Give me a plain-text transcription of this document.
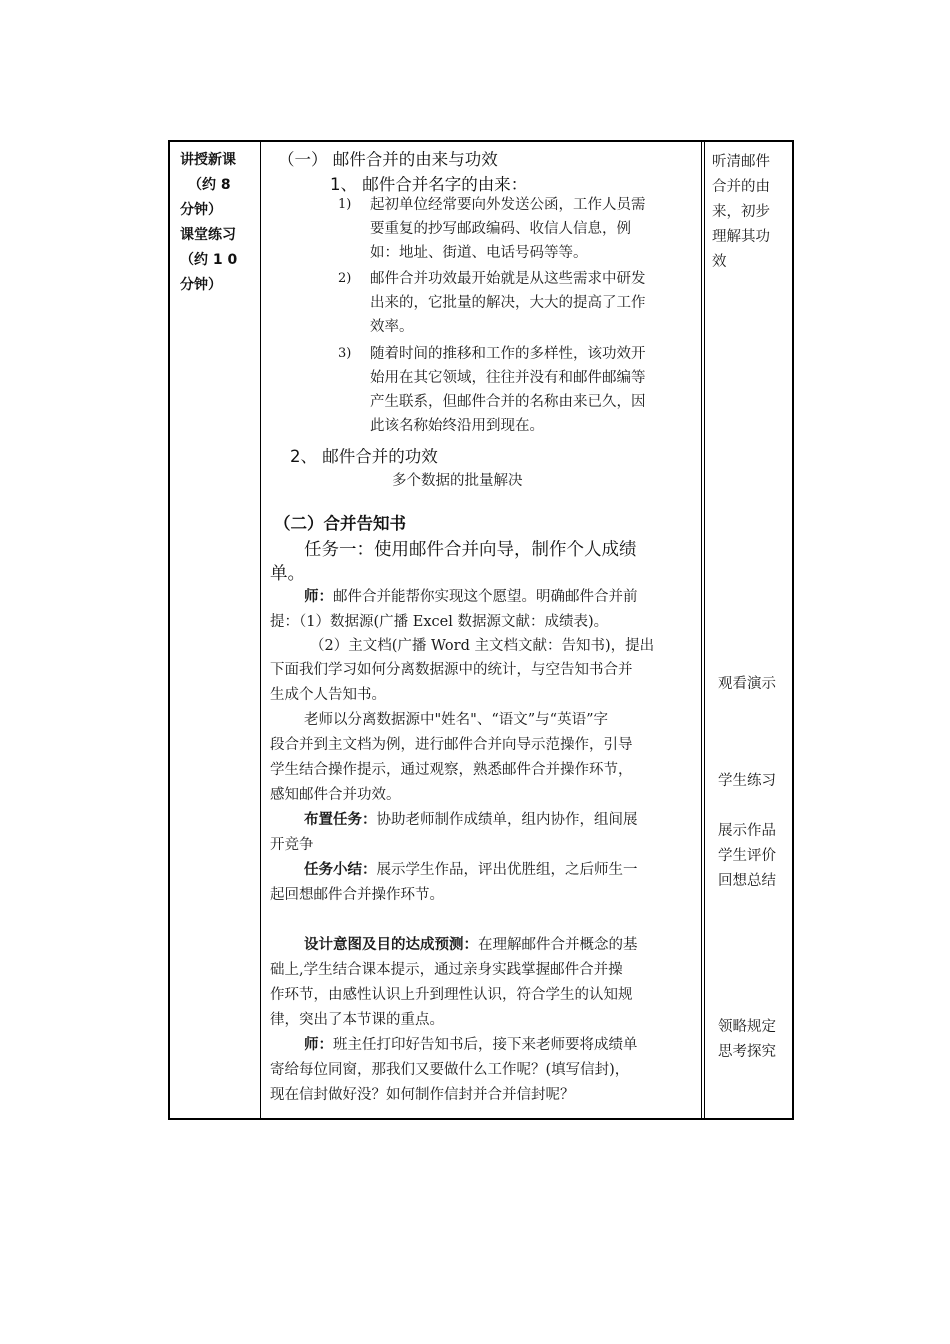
讲授新课
（约 8
分钟）
课堂练习
（约 1 0
分钟）
（一） 邮件合并的由来与功效
1、 邮件合并名字的由来：
1) 起初单位经常要向外发送公函，工作人员需
要重复的抄写邮政编码、收信人信息，例
如：地址、街道、电话号码等等。
2) 邮件合并功效最开始就是从这些需求中研发
出来的，它批量的解决，大大的提高了工作
效率。
3) 随着时间的推移和工作的多样性，该功效开
始用在其它领域，往往并没有和邮件邮编等
产生联系，但邮件合并的名称由来已久，因
此该名称始终沿用到现在。
2、 邮件合并的功效
多个数据的批量解决
（二）合并告知书
任务一：使用邮件合并向导，制作个人成绩
单。
师：邮件合并能帮你实现这个愿望。明确邮件合并前
提：（1）数据源(广播 Excel 数据源文献：成绩表)。
（2）主文档(广播 Word 主文档文献：告知书)，提出
下面我们学习如何分离数据源中的统计，与空告知书合并
生成个人告知书。
老师以分离数据源中"姓名"、“语文”与“英语”字
段合并到主文档为例，进行邮件合并向导示范操作，引导
学生结合操作提示，通过观察，熟悉邮件合并操作环节，
感知邮件合并功效。
布置任务：协助老师制作成绩单，组内协作，组间展
开竞争
任务小结：展示学生作品，评出优胜组，之后师生一
起回想邮件合并操作环节。
设计意图及目的达成预测：在理解邮件合并概念的基
础上,学生结合课本提示，通过亲身实践掌握邮件合并操
作环节，由感性认识上升到理性认识，符合学生的认知规
律，突出了本节课的重点。
师：班主任打印好告知书后，接下来老师要将成绩单
寄给每位同窗，那我们又要做什么工作呢？(填写信封)，
现在信封做好没？如何制作信封并合并信封呢？
听清邮件
合并的由
来，初步
理解其功
效
观看演示
学生练习
展示作品
学生评价
回想总结
领略规定
思考探究
